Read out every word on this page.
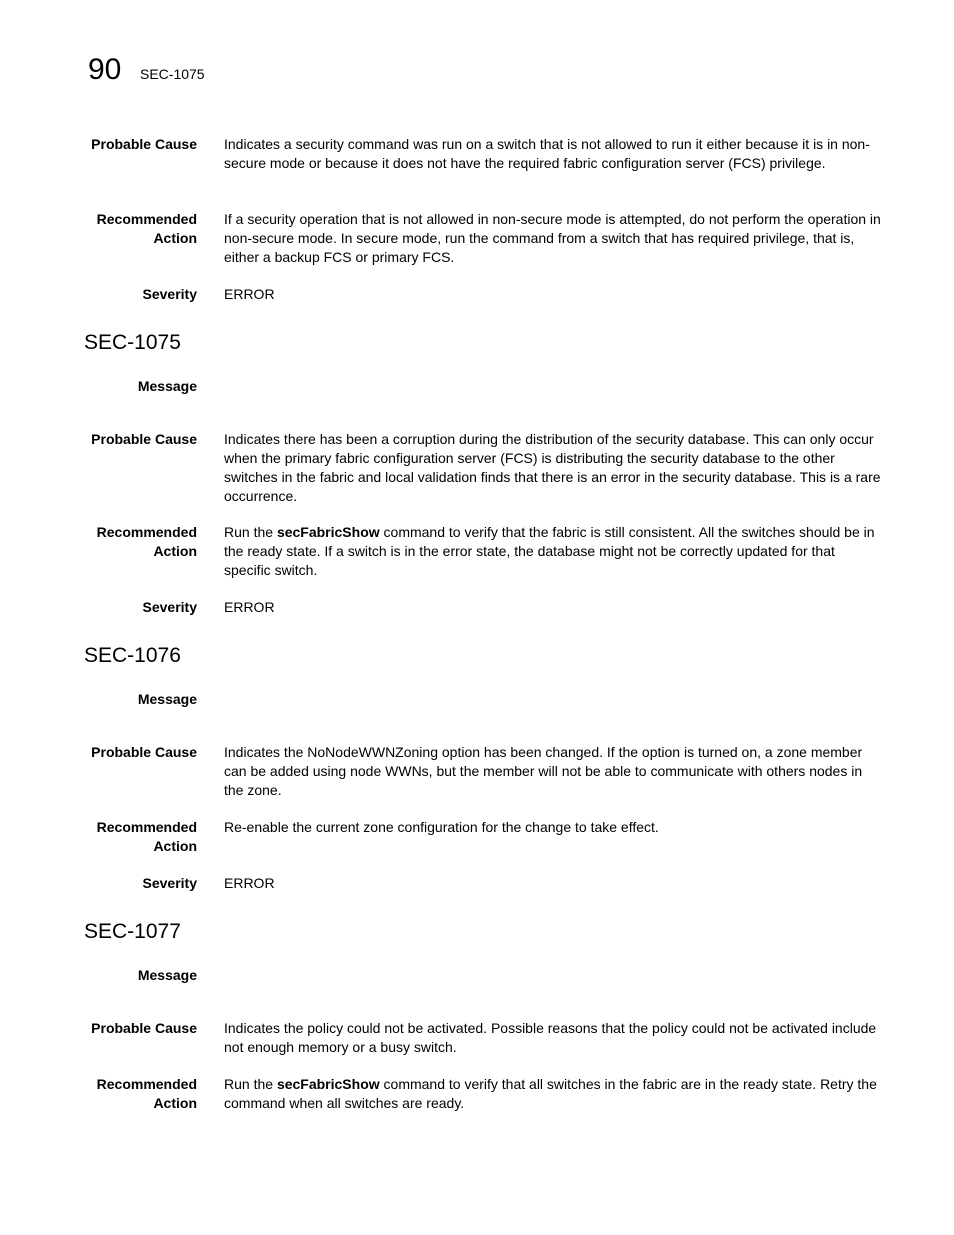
90 SEC-1075
Probable Cause Indicates a security command was run on a switch that is not allowed to run it either because it is in non-secure mode or because it does not have the required fabric configuration server (FCS) privilege.
Recommended
Action
If a security operation that is not allowed in non-secure mode is attempted, do not perform the operation in non-secure mode. In secure mode, run the command from a switch that has required privilege, that is, either a backup FCS or primary FCS.
Severity ERROR
SEC-1075
Message
Probable Cause Indicates there has been a corruption during the distribution of the security database. This can only occur when the primary fabric configuration server (FCS) is distributing the security database to the other switches in the fabric and local validation finds that there is an error in the security database. This is a rare occurrence.
Recommended
Action
Run the secFabricShow command to verify that the fabric is still consistent. All the switches should be in the ready state. If a switch is in the error state, the database might not be correctly updated for that specific switch.
Severity ERROR
SEC-1076
Message
Probable Cause Indicates the NoNodeWWNZoning option has been changed. If the option is turned on, a zone member can be added using node WWNs, but the member will not be able to communicate with others nodes in the zone.
Recommended
Action
Re-enable the current zone configuration for the change to take effect.
Severity ERROR
SEC-1077
Message
Probable Cause Indicates the policy could not be activated. Possible reasons that the policy could not be activated include not enough memory or a busy switch.
Recommended
Action
Run the secFabricShow command to verify that all switches in the fabric are in the ready state. Retry the command when all switches are ready.
